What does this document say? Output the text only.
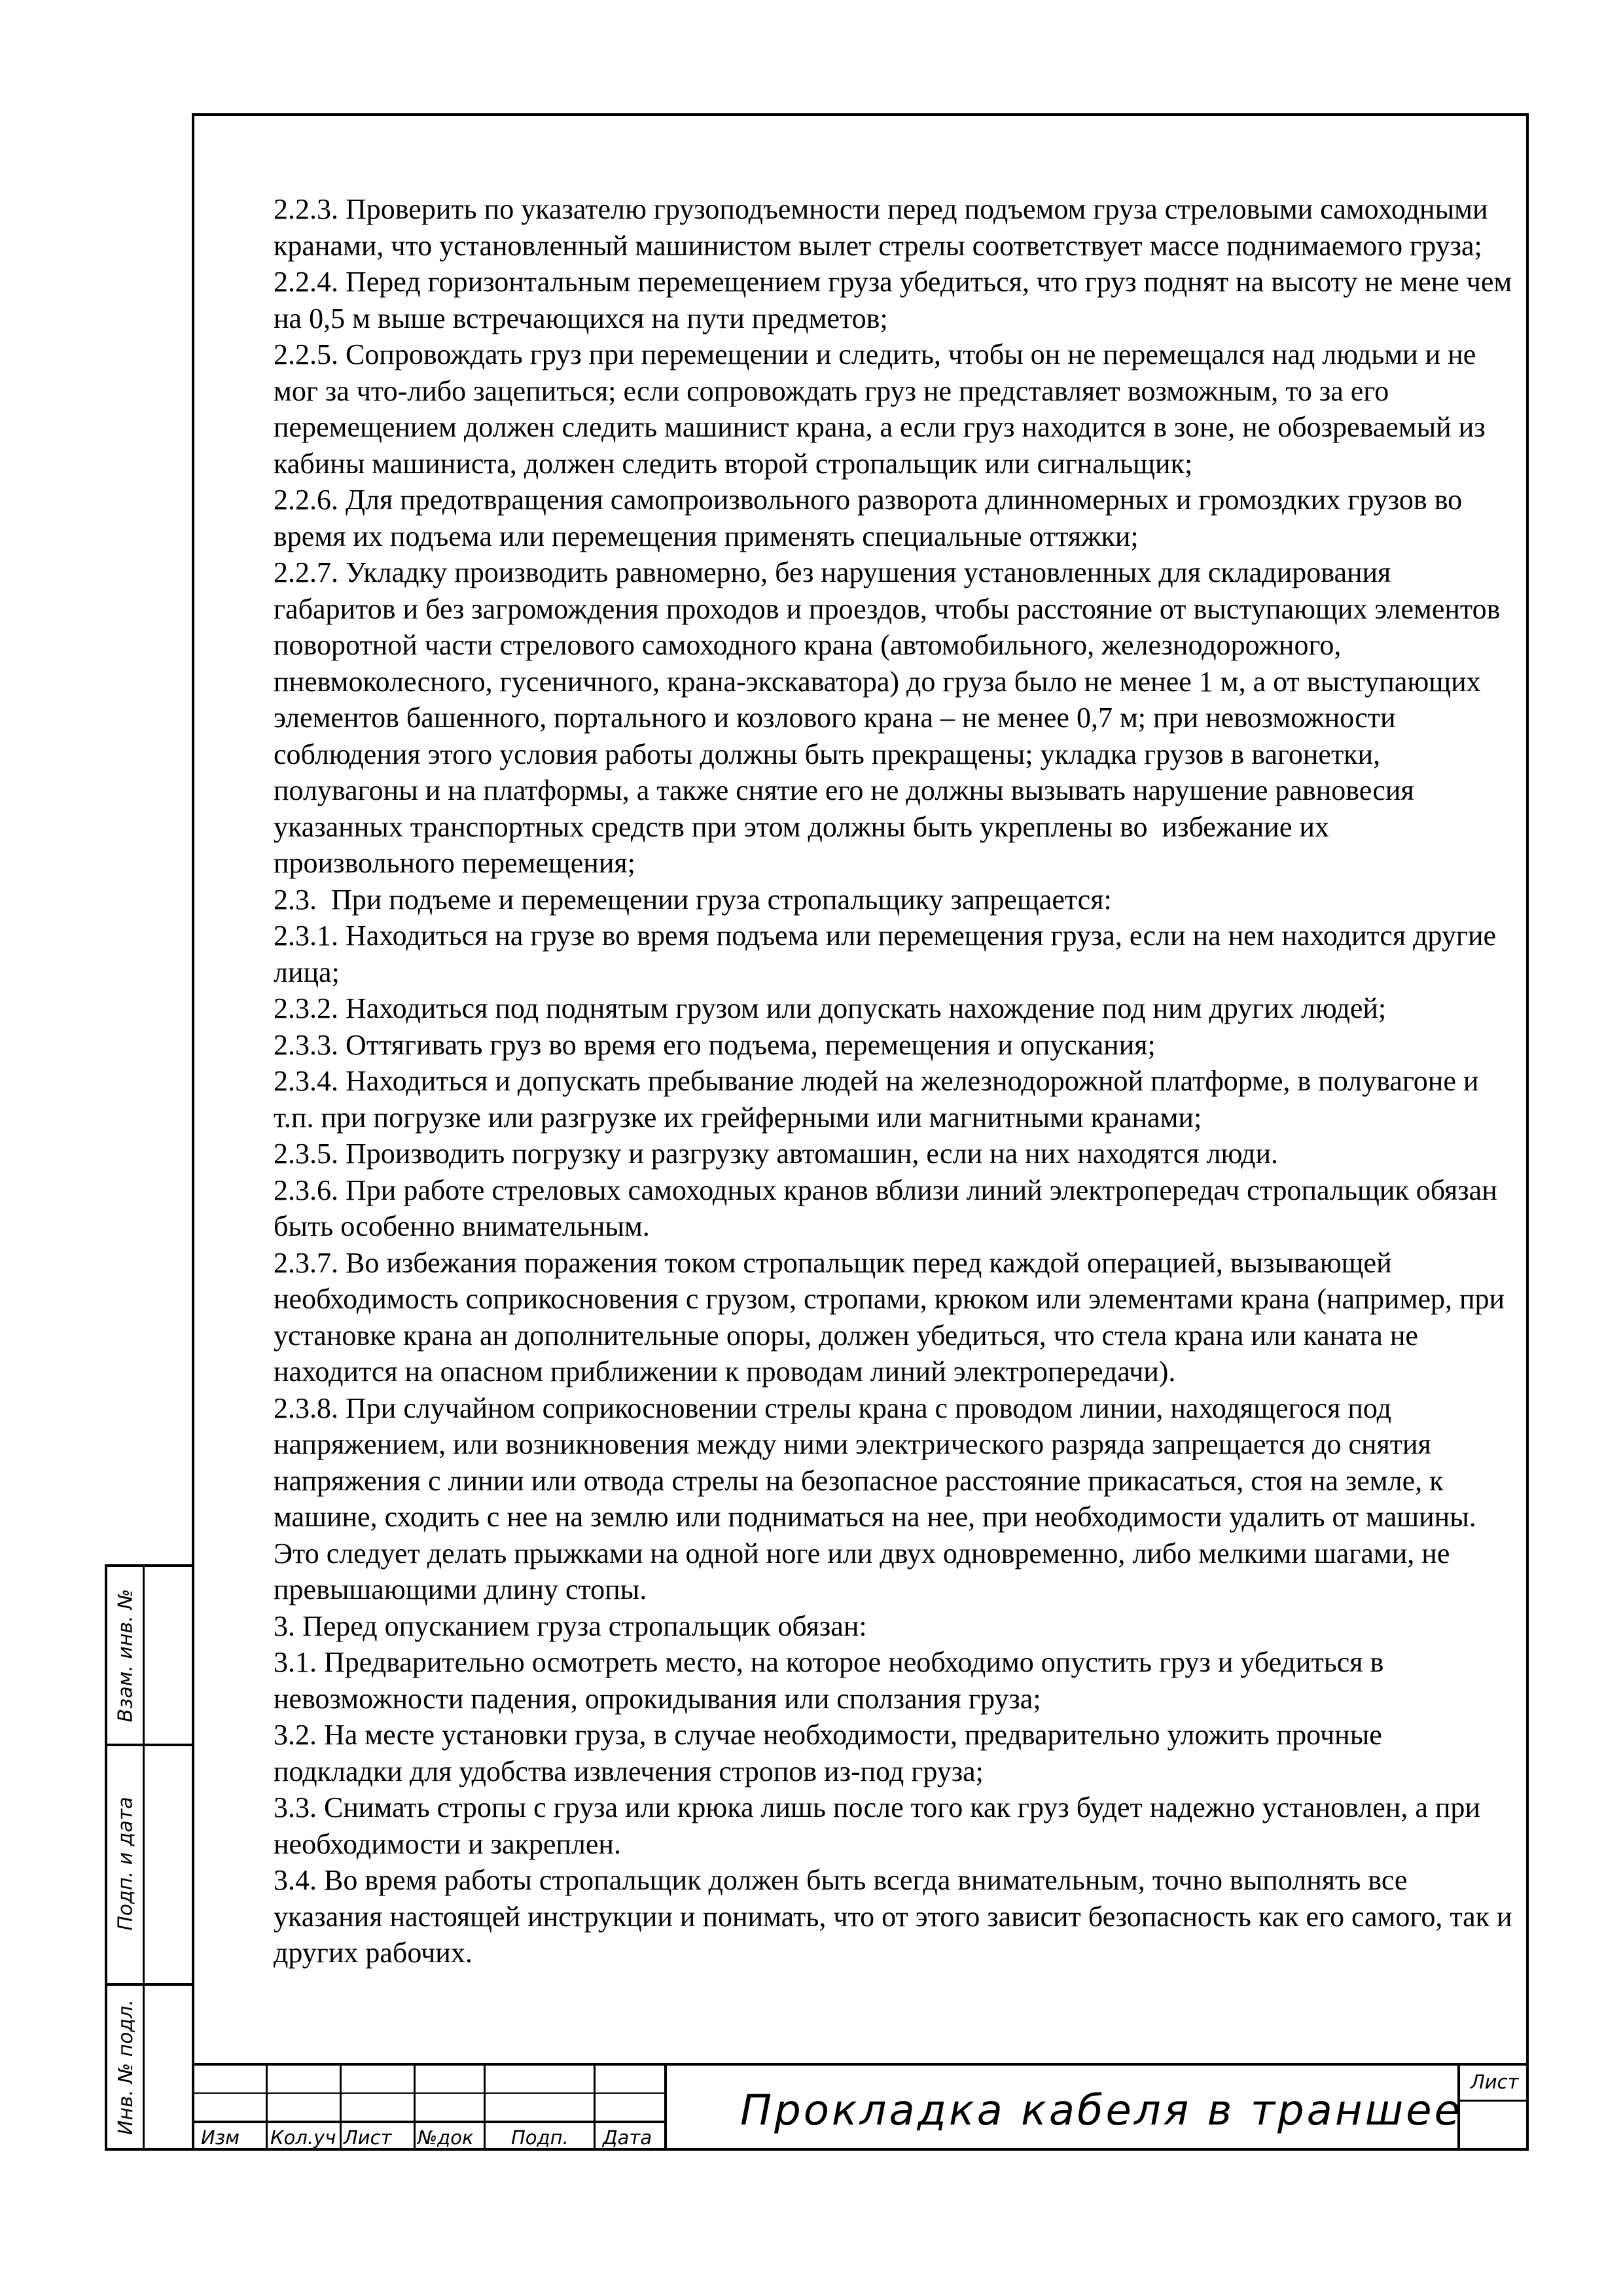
2.2.3. Проверить по указателю грузоподъемности перед подъемом груза стреловыми самоходными кранами, что установленный машинистом вылет стрелы соответствует массе поднимаемого груза;

2.2.4. Перед горизонтальным перемещением груза убедиться, что груз поднят на высоту не мене чем на 0,5 м выше встречающихся на пути предметов;

2.2.5. Сопровождать груз при перемещении и следить, чтобы он не перемещался над людьми и не мог за что-либо зацепиться; если сопровождать груз не представляет возможным, то за его перемещением должен следить машинист крана, а если груз находится в зоне, не обозреваемый из кабины машиниста, должен следить второй стропальщик или сигнальщик;

2.2.6. Для предотвращения самопроизвольного разворота длинномерных и громоздких грузов во время их подъема или перемещения применять специальные оттяжки;

2.2.7. Укладку производить равномерно, без нарушения установленных для складирования габаритов и без загромождения проходов и проездов, чтобы расстояние от выступающих элементов поворотной части стрелового самоходного крана (автомобильного, железнодорожного, пневмоколесного, гусеничного, крана-экскаватора) до груза было не менее 1 м, а от выступающих элементов башенного, портального и козлового крана – не менее 0,7 м; при невозможности соблюдения этого условия работы должны быть прекращены; укладка грузов в вагонетки, полувагоны и на платформы, а также снятие его не должны вызывать нарушение равновесия указанных транспортных средств при этом должны быть укреплены во  избежание их произвольного перемещения;

2.3.  При подъеме и перемещении груза стропальщику запрещается:

2.3.1. Находиться на грузе во время подъема или перемещения груза, если на нем находится другие лица;

2.3.2. Находиться под поднятым грузом или допускать нахождение под ним других людей;

2.3.3. Оттягивать груз во время его подъема, перемещения и опускания;

2.3.4. Находиться и допускать пребывание людей на железнодорожной платформе, в полувагоне и т.п. при погрузке или разгрузке их грейферными или магнитными кранами;

2.3.5. Производить погрузку и разгрузку автомашин, если на них находятся люди.

2.3.6. При работе стреловых самоходных кранов вблизи линий электропередач стропальщик обязан быть особенно внимательным.

2.3.7. Во избежания поражения током стропальщик перед каждой операцией, вызывающей необходимость соприкосновения с грузом, стропами, крюком или элементами крана (например, при установке крана ан дополнительные опоры, должен убедиться, что стела крана или каната не находится на опасном приближении к проводам линий электропередачи).

2.3.8. При случайном соприкосновении стрелы крана с проводом линии, находящегося под напряжением, или возникновения между ними электрического разряда запрещается до снятия напряжения с линии или отвода стрелы на безопасное расстояние прикасаться, стоя на земле, к машине, сходить с нее на землю или подниматься на нее, при необходимости удалить от машины. Это следует делать прыжками на одной ноге или двух одновременно, либо мелкими шагами, не превышающими длину стопы.

3. Перед опусканием груза стропальщик обязан:

3.1. Предварительно осмотреть место, на которое необходимо опустить груз и убедиться в невозможности падения, опрокидывания или сползания груза;

3.2. На месте установки груза, в случае необходимости, предварительно уложить прочные подкладки для удобства извлечения стропов из-под груза;

3.3. Снимать стропы с груза или крюка лишь после того как груз будет надежно установлен, а при необходимости и закреплен.

3.4. Во время работы стропальщик должен быть всегда внимательным, точно выполнять все указания настоящей инструкции и понимать, что от этого зависит безопасность как его самого, так и других рабочих.

Взам. инв. №
Подп. и дата
Инв. № подл.
Изм Кол.уч Лист №док Подп. Дата
Прокладка кабеля в траншее
Лист
